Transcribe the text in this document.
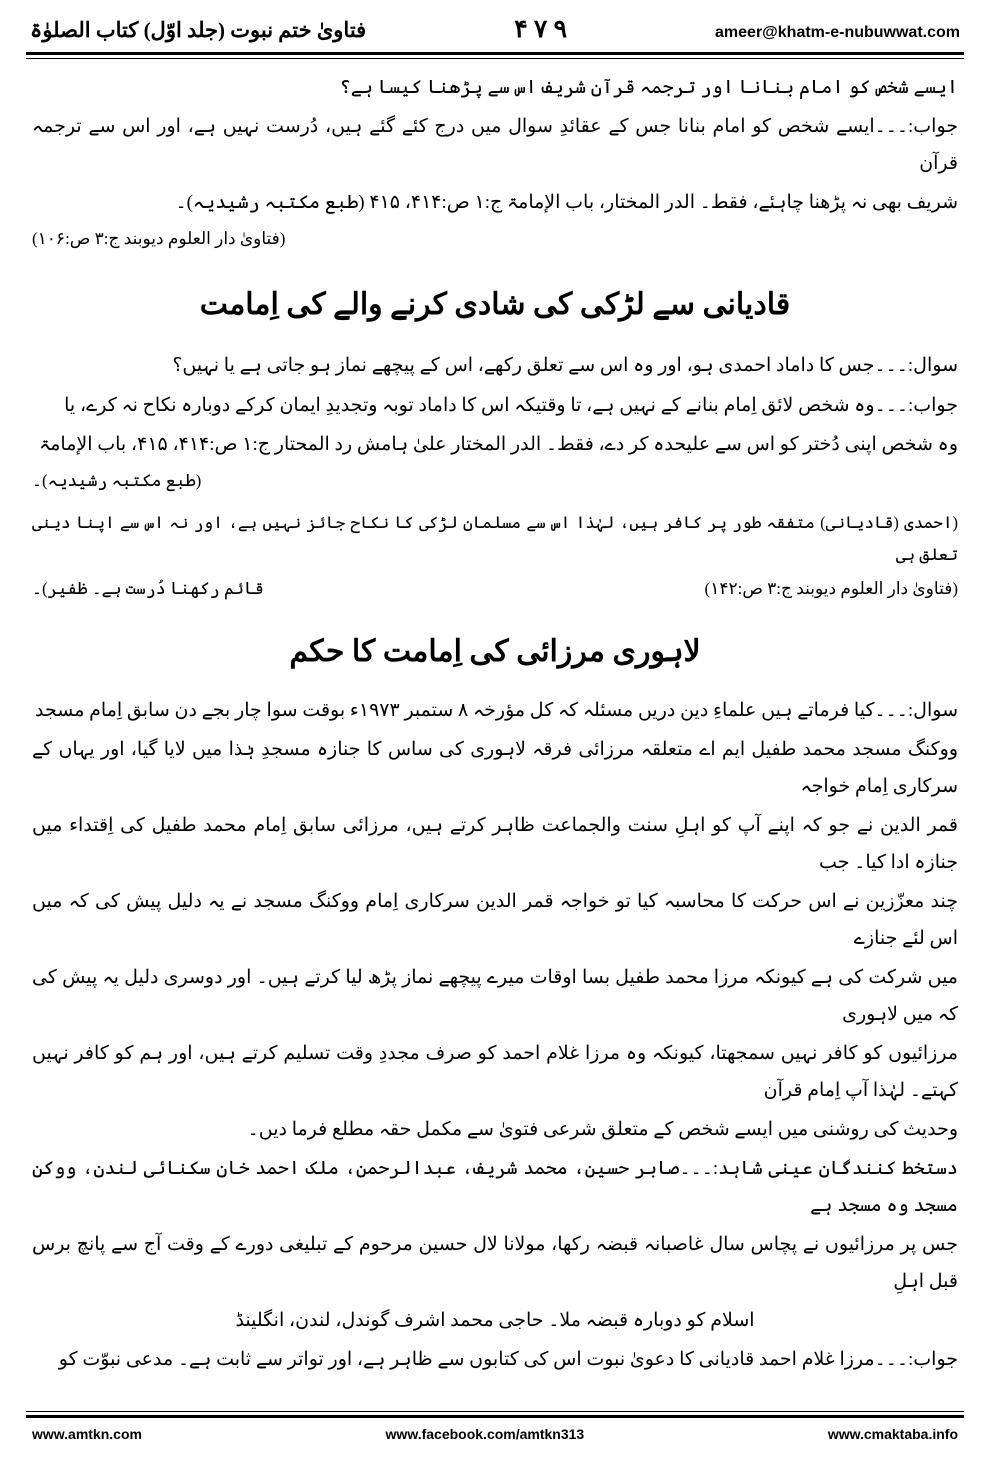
فتاویٰ ختم نبوت (جلد اوّل) کتاب الصلوٰۃ	۹ ۷ ۴	ameer@khatm-e-nubuwwat.com
ایسے شخص کو امام بنانا اور ترجمہ قرآن شریف اس سے پڑھنا کیسا ہے؟
جواب:۔۔۔ایسے شخص کو امام بنانا جس کے عقائدِ سوال میں درج کئے گئے ہیں، دُرست نہیں ہے، اور اس سے ترجمہ قرآن
شریف بھی نہ پڑھنا چاہئے، فقط۔ الدر المختار، باب الإمامۃ ج:۱ ص:۴۱۴، ۴۱۵ (طبع مکتبہ رشیدیہ)۔
(فتاویٰ دار العلوم دیوبند ج:۳ ص:۱۰۶)
قادیانی سے لڑکی کی شادی کرنے والے کی اِمامت
سوال:۔۔۔جس کا داماد احمدی ہو، اور وہ اس سے تعلق رکھے، اس کے پیچھے نماز ہو جاتی ہے یا نہیں؟
جواب:۔۔۔وہ شخص لائق اِمام بنانے کے نہیں ہے، تا وقتیکہ اس کا داماد توبہ وتجدیدِ ایمان کرکے دوبارہ نکاح نہ کرے، یا
وہ شخص اپنی دُختر کو اس سے علیحدہ کر دے، فقط۔ الدر المختار علیٰ ہامش رد المحتار ج:۱ ص:۴۱۴، ۴۱۵، باب الإمامۃ
(طبع مکتبہ رشیدیہ)۔
(احمدی (قادیانی) متفقہ طور پر کافر ہیں، لہٰذا اس سے مسلمان لڑکی کا نکاح جائز نہیں ہے، اور نہ اس سے اپنا دینی تعلق ہی
(فتاویٰ دار العلوم دیوبند ج:۳ ص:۱۴۲)
قائم رکھنا دُرست ہے۔ ظفیر)۔
لاہوری مرزائی کی اِمامت کا حکم
سوال:۔۔۔کیا فرماتے ہیں علماءِ دین دریں مسئلہ کہ کل مؤرخہ ۸ ستمبر ۱۹۷۳ء بوقت سوا چار بجے دن سابق اِمام مسجد
ووکنگ مسجد محمد طفیل ایم اے متعلقہ مرزائی فرقہ لاہوری کی ساس کا جنازہ مسجدِ ہٰذا میں لایا گیا، اور یہاں کے سرکاری اِمام خواجہ
قمر الدین نے جو کہ اپنے آپ کو اہلِ سنت والجماعت ظاہر کرتے ہیں، مرزائی سابق اِمام محمد طفیل کی اِقتداء میں جنازہ ادا کیا۔ جب
چند معزّزین نے اس حرکت کا محاسبہ کیا تو خواجہ قمر الدین سرکاری اِمام ووکنگ مسجد نے یہ دلیل پیش کی کہ میں اس لئے جنازے
میں شرکت کی ہے کیونکہ مرزا محمد طفیل بسا اوقات میرے پیچھے نماز پڑھ لیا کرتے ہیں۔ اور دوسری دلیل یہ پیش کی کہ میں لاہوری
مرزائیوں کو کافر نہیں سمجھتا، کیونکہ وہ مرزا غلام احمد کو صرف مجددِ وقت تسلیم کرتے ہیں، اور ہم کو کافر نہیں کہتے۔ لہٰذا آپ اِمام قرآن
وحدیث کی روشنی میں ایسے شخص کے متعلق شرعی فتویٰ سے مکمل حقہ مطلع فرما دیں۔
دستخط کنندگان عینی شاہد:۔۔۔صابر حسین، محمد شریف، عبدالرحمن، ملک احمد خان سکنائی لندن، ووکن مسجد وہ مسجد ہے
جس پر مرزائیوں نے پچاس سال غاصبانہ قبضہ رکھا، مولانا لال حسین مرحوم کے تبلیغی دورے کے وقت آج سے پانچ برس قبل اہلِ
اسلام کو دوبارہ قبضہ ملا۔ حاجی محمد اشرف گوندل، لندن، انگلینڈ
جواب:۔۔۔مرزا غلام احمد قادیانی کا دعویٰ نبوت اس کی کتابوں سے ظاہر ہے، اور تواتر سے ثابت ہے۔ مدعی نبوّت کو
www.amtkn.com	www.facebook.com/amtkn313	www.cmaktaba.info
